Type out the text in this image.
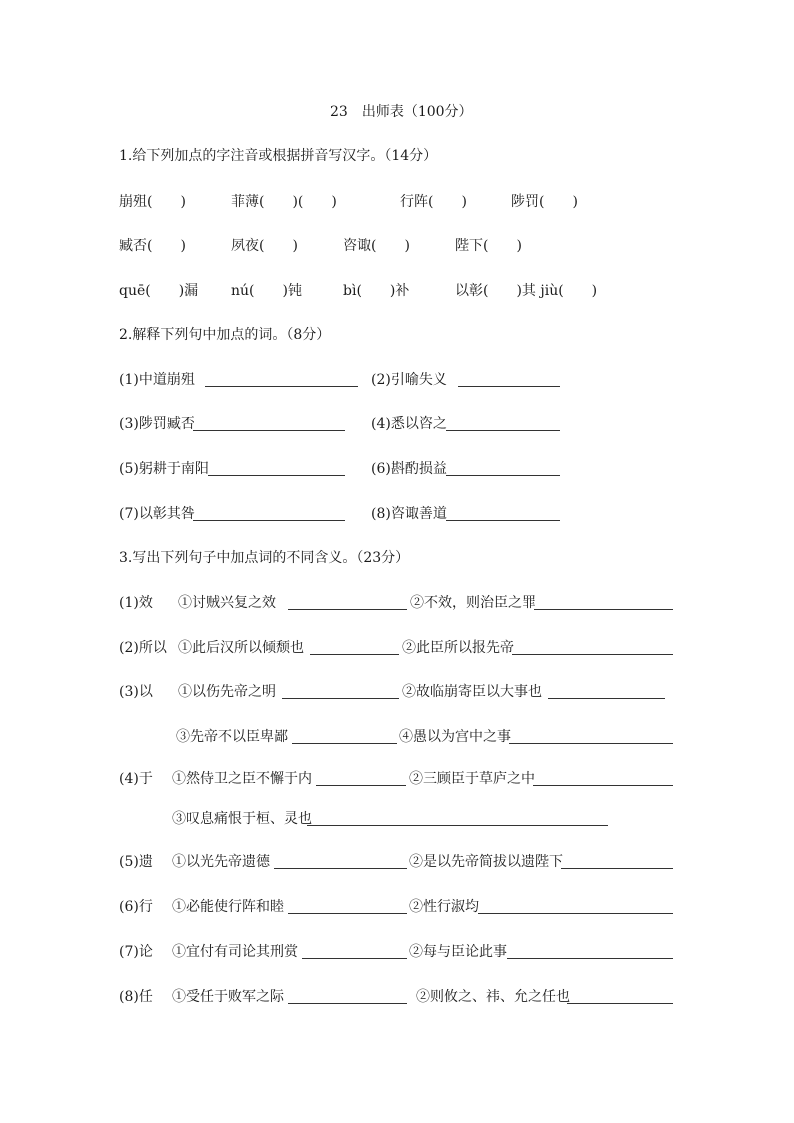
23　出师表（100分）
1.给下列加点的字注音或根据拼音写汉字。（14分）
崩殂(　　)	菲薄(　　)(　　)	行阵(　　)	陟罚(　　)
臧否(　　)	夙夜(　　)	咨诹(　　)	陛下(　　)
quē(　　)漏 nú(　　)钝	bì(　　)补	以彰(　　)其 jiù(　　)
2.解释下列句中加点的词。（8分）
(1)中道崩殂	(2)引喻失义
(3)陟罚臧否	(4)悉以咨之
(5)躬耕于南阳	(6)斟酌损益
(7)以彰其咎	(8)咨诹善道
3.写出下列句子中加点词的不同含义。（23分）
(1)效 ①讨贼兴复之效	②不效，则治臣之罪
(2)所以 ①此后汉所以倾颓也	②此臣所以报先帝
(3)以 ①以伤先帝之明	②故临崩寄臣以大事也
③先帝不以臣卑鄙	④愚以为宫中之事
(4)于 ①然侍卫之臣不懈于内	②三顾臣于草庐之中
③叹息痛恨于桓、灵也
(5)遗 ①以光先帝遗德	②是以先帝简拔以遗陛下
(6)行 ①必能使行阵和睦	②性行淑均
(7)论 ①宜付有司论其刑赏	②每与臣论此事
(8)任 ①受任于败军之际	②则攸之、祎、允之任也
